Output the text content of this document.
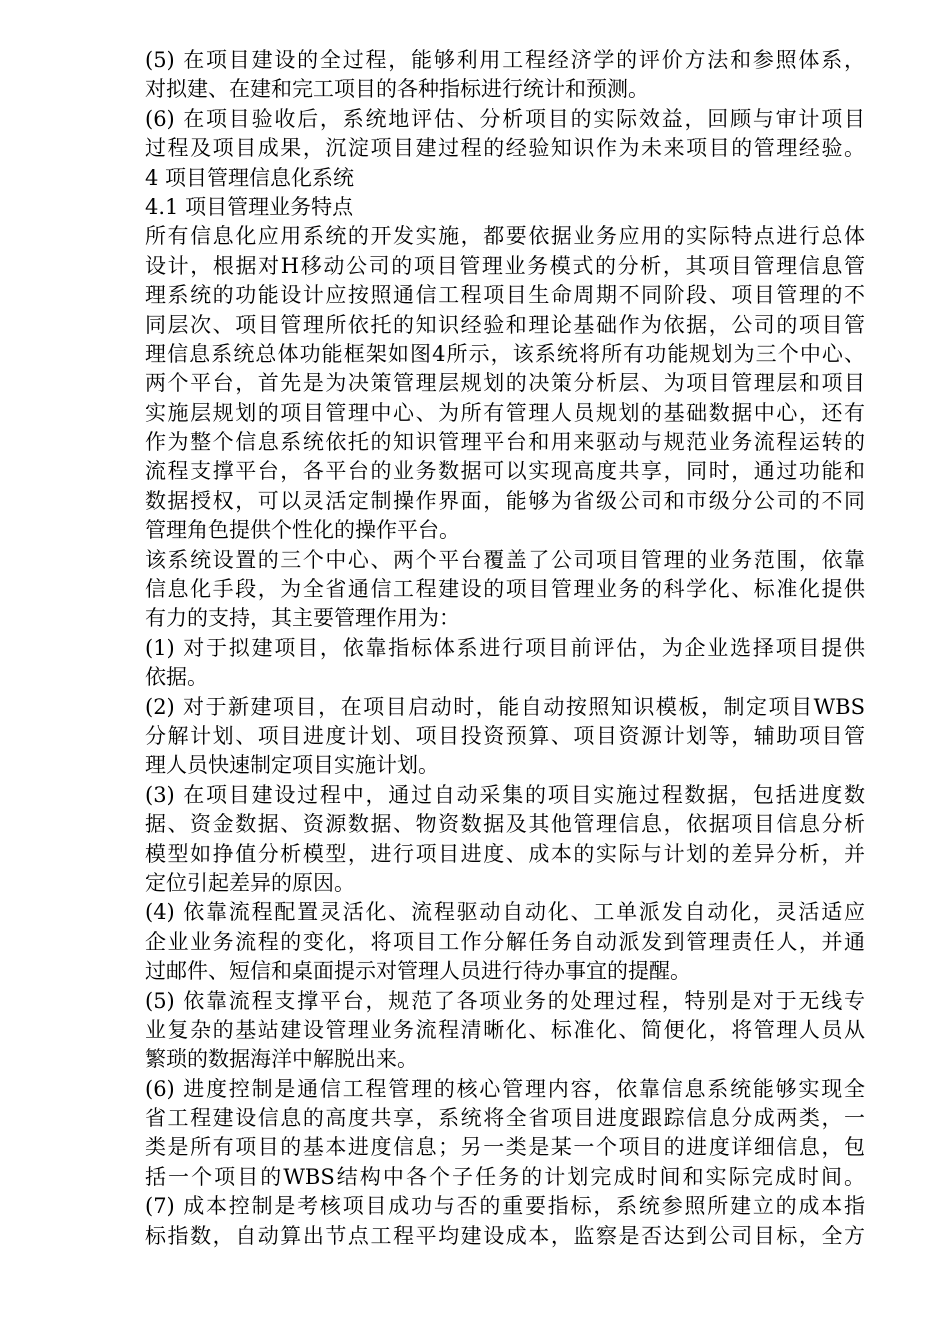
(5) 在项目建设的全过程，能够利用工程经济学的评价方法和参照体系，
对拟建、在建和完工项目的各种指标进行统计和预测。
(6) 在项目验收后，系统地评估、分析项目的实际效益，回顾与审计项目
过程及项目成果，沉淀项目建过程的经验知识作为未来项目的管理经验。
4 项目管理信息化系统
4.1 项目管理业务特点
所有信息化应用系统的开发实施，都要依据业务应用的实际特点进行总体
设计，根据对H移动公司的项目管理业务模式的分析，其项目管理信息管
理系统的功能设计应按照通信工程项目生命周期不同阶段、项目管理的不
同层次、项目管理所依托的知识经验和理论基础作为依据，公司的项目管
理信息系统总体功能框架如图4所示，该系统将所有功能规划为三个中心、
两个平台，首先是为决策管理层规划的决策分析层、为项目管理层和项目
实施层规划的项目管理中心、为所有管理人员规划的基础数据中心，还有
作为整个信息系统依托的知识管理平台和用来驱动与规范业务流程运转的
流程支撑平台，各平台的业务数据可以实现高度共享，同时，通过功能和
数据授权，可以灵活定制操作界面，能够为省级公司和市级分公司的不同
管理角色提供个性化的操作平台。
该系统设置的三个中心、两个平台覆盖了公司项目管理的业务范围，依靠
信息化手段，为全省通信工程建设的项目管理业务的科学化、标准化提供
有力的支持，其主要管理作用为：
(1) 对于拟建项目，依靠指标体系进行项目前评估，为企业选择项目提供
依据。
(2) 对于新建项目，在项目启动时，能自动按照知识模板，制定项目WBS
分解计划、项目进度计划、项目投资预算、项目资源计划等，辅助项目管
理人员快速制定项目实施计划。
(3) 在项目建设过程中，通过自动采集的项目实施过程数据，包括进度数
据、资金数据、资源数据、物资数据及其他管理信息，依据项目信息分析
模型如挣值分析模型，进行项目进度、成本的实际与计划的差异分析，并
定位引起差异的原因。
(4) 依靠流程配置灵活化、流程驱动自动化、工单派发自动化，灵活适应
企业业务流程的变化，将项目工作分解任务自动派发到管理责任人，并通
过邮件、短信和桌面提示对管理人员进行待办事宜的提醒。
(5) 依靠流程支撑平台，规范了各项业务的处理过程，特别是对于无线专
业复杂的基站建设管理业务流程清晰化、标准化、简便化，将管理人员从
繁琐的数据海洋中解脱出来。
(6) 进度控制是通信工程管理的核心管理内容，依靠信息系统能够实现全
省工程建设信息的高度共享，系统将全省项目进度跟踪信息分成两类，一
类是所有项目的基本进度信息；另一类是某一个项目的进度详细信息，包
括一个项目的WBS结构中各个子任务的计划完成时间和实际完成时间。
(7) 成本控制是考核项目成功与否的重要指标，系统参照所建立的成本指
标指数，自动算出节点工程平均建设成本，监察是否达到公司目标，全方
